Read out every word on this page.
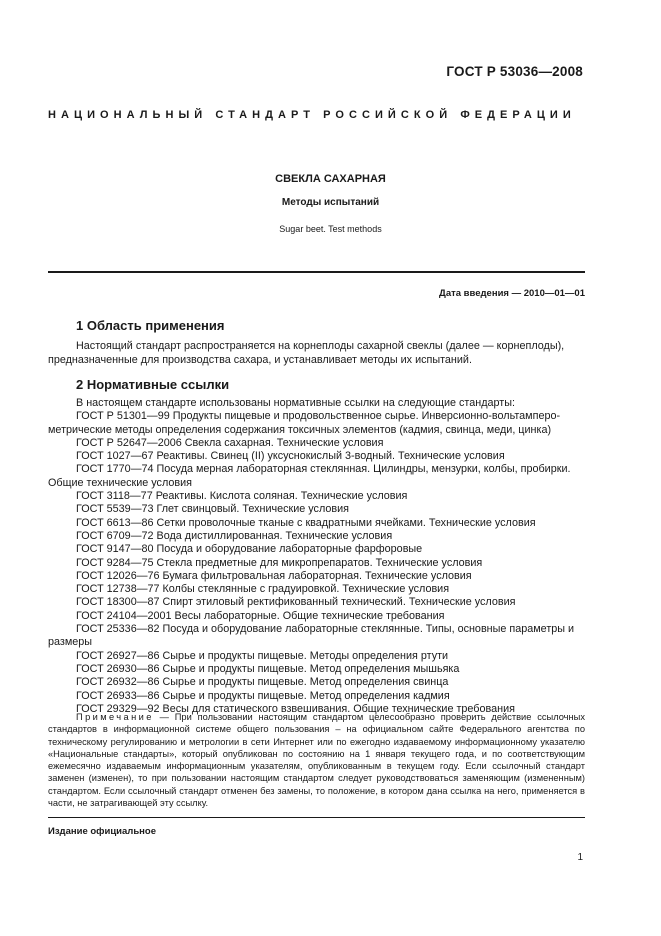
ГОСТ Р 53036—2008
НАЦИОНАЛЬНЫЙ СТАНДАРТ РОССИЙСКОЙ ФЕДЕРАЦИИ
СВЕКЛА САХАРНАЯ
Методы испытаний
Sugar beet. Test methods
Дата введения — 2010—01—01
1 Область применения

Настоящий стандарт распространяется на корнеплоды сахарной свеклы (далее — корнеплоды), предназначенные для производства сахара, и устанавливает методы их испытаний.

2 Нормативные ссылки

В настоящем стандарте использованы нормативные ссылки на следующие стандарты:

ГОСТ Р 51301—99 Продукты пищевые и продовольственное сырье. Инверсионно-вольтамперо-метрические методы определения содержания токсичных элементов (кадмия, свинца, меди, цинка)

ГОСТ Р 52647—2006 Свекла сахарная. Технические условия

ГОСТ 1027—67 Реактивы. Свинец (II) уксуснокислый 3-водный. Технические условия

ГОСТ 1770—74 Посуда мерная лабораторная стеклянная. Цилиндры, мензурки, колбы, пробирки. Общие технические условия

ГОСТ 3118—77 Реактивы. Кислота соляная. Технические условия

ГОСТ 5539—73 Глет свинцовый. Технические условия

ГОСТ 6613—86 Сетки проволочные тканые с квадратными ячейками. Технические условия

ГОСТ 6709—72 Вода дистиллированная. Технические условия

ГОСТ 9147—80 Посуда и оборудование лабораторные фарфоровые

ГОСТ 9284—75 Стекла предметные для микропрепаратов. Технические условия

ГОСТ 12026—76 Бумага фильтровальная лабораторная. Технические условия

ГОСТ 12738—77 Колбы стеклянные с градуировкой. Технические условия

ГОСТ 18300—87 Спирт этиловый ректификованный технический. Технические условия

ГОСТ 24104—2001 Весы лабораторные. Общие технические требования

ГОСТ 25336—82 Посуда и оборудование лабораторные стеклянные. Типы, основные параметры и размеры

ГОСТ 26927—86 Сырье и продукты пищевые. Методы определения ртути

ГОСТ 26930—86 Сырье и продукты пищевые. Метод определения мышьяка

ГОСТ 26932—86 Сырье и продукты пищевые. Метод определения свинца

ГОСТ 26933—86 Сырье и продукты пищевые. Метод определения кадмия

ГОСТ 29329—92 Весы для статического взвешивания. Общие технические требования

Примечание — При пользовании настоящим стандартом целесообразно проверить действие ссылочных стандартов в информационной системе общего пользования – на официальном сайте Федерального агентства по техническому регулированию и метрологии в сети Интернет или по ежегодно издаваемому информационному указателю «Национальные стандарты», который опубликован по состоянию на 1 января текущего года, и по соответствующим ежемесячно издаваемым информационным указателям, опубликованным в текущем году. Если ссылочный стандарт заменен (изменен), то при пользовании настоящим стандартом следует руководствоваться заменяющим (измененным) стандартом. Если ссылочный стандарт отменен без замены, то положение, в котором дана ссылка на него, применяется в части, не затрагивающей эту ссылку.

Издание официальное
1
